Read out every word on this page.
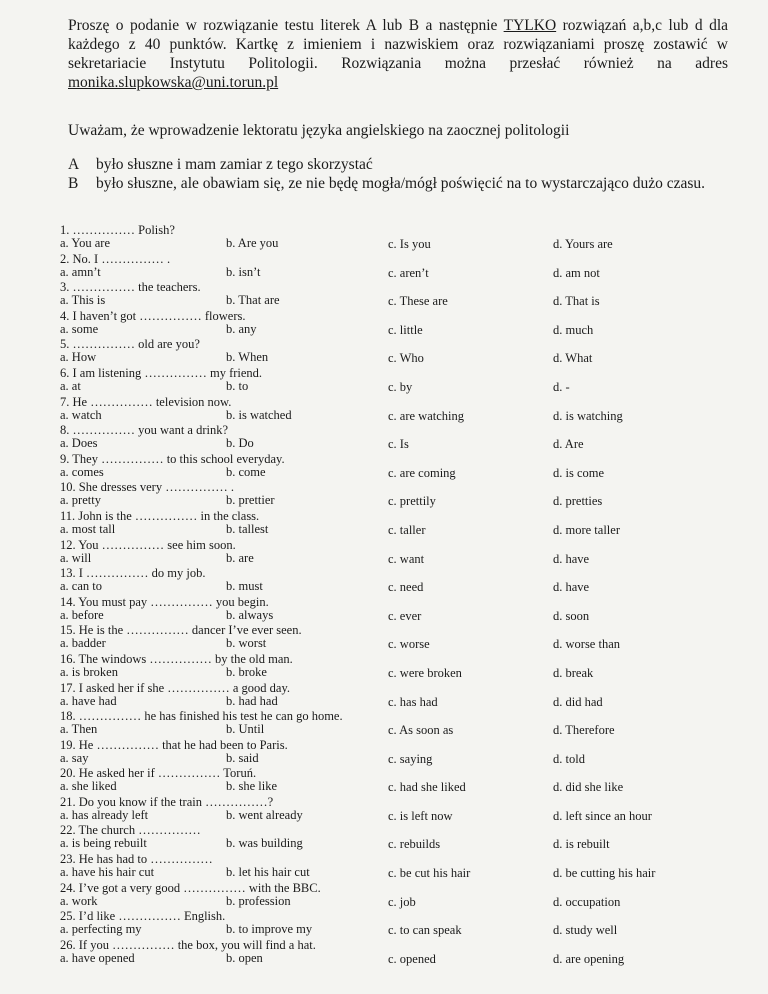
Proszę o podanie w rozwiązanie testu literek A lub B a następnie TYLKO rozwiązań a,b,c lub d dla każdego z 40 punktów. Kartkę z imieniem i nazwiskiem oraz rozwiązaniami proszę zostawić w sekretariacie Instytutu Politologii. Rozwiązania można przesłać również na adres monika.slupkowska@uni.torun.pl
Uważam, że wprowadzenie lektoratu języka angielskiego na zaocznej politologii
A	było słuszne i mam zamiar z tego skorzystać
B	było słuszne, ale obawiam się, ze nie będę mogła/mógł poświęcić na to wystarczająco dużo czasu.
1. …………… Polish?
a. You are	b. Are you	c. Is you	d. Yours are
2. No. I …………… .
a. amn’t	b. isn’t	c. aren’t	d. am not
3. …………… the teachers.
a. This is	b. That are	c. These are	d. That is
4. I haven’t got …………… flowers.
a. some	b. any	c. little	d. much
5. …………… old are you?
a. How	b. When	c. Who	d. What
6. I am listening …………… my friend.
a. at	b. to	c. by	d. -
7. He …………… television now.
a. watch	b. is watched	c. are watching	d. is watching
8. …………… you want a drink?
a. Does	b. Do	c. Is	d. Are
9. They …………… to this school everyday.
a. comes	b. come	c. are coming	d. is come
10. She dresses very …………… .
a. pretty	b. prettier	c. prettily	d. pretties
11. John is the …………… in the class.
a. most tall	b. tallest	c. taller	d. more taller
12. You …………… see him soon.
a. will	b. are	c. want	d. have
13. I …………… do my job.
a. can to	b. must	c. need	d. have
14. You must pay …………… you begin.
a. before	b. always	c. ever	d. soon
15. He is the …………… dancer I’ve ever seen.
a. badder	b. worst	c. worse	d. worse than
16. The windows …………… by the old man.
a. is broken	b. broke	c. were broken	d. break
17. I asked her if she …………… a good day.
a. have had	b. had had	c. has had	d. did had
18. …………… he has finished his test he can go home.
a. Then	b. Until	c. As soon as	d. Therefore
19. He …………… that he had been to Paris.
a. say	b. said	c. saying	d. told
20. He asked her if …………… Toruń.
a. she liked	b. she like	c. had she liked	d. did she like
21. Do you know if the train ……………?
a. has already left	b. went already	c. is left now	d. left since an hour
22. The church ……………
a. is being rebuilt	b. was building	c. rebuilds	d. is rebuilt
23. He has had to ……………
a. have his hair cut	b. let his hair cut	c. be cut his hair	d. be cutting his hair
24. I’ve got a very good …………… with the BBC.
a. work	b. profession	c. job	d. occupation
25. I’d like …………… English.
a. perfecting my	b. to improve my	c. to can speak	d. study well
26. If you …………… the box, you will find a hat.
a. have opened	b. open	c. opened	d. are opening
